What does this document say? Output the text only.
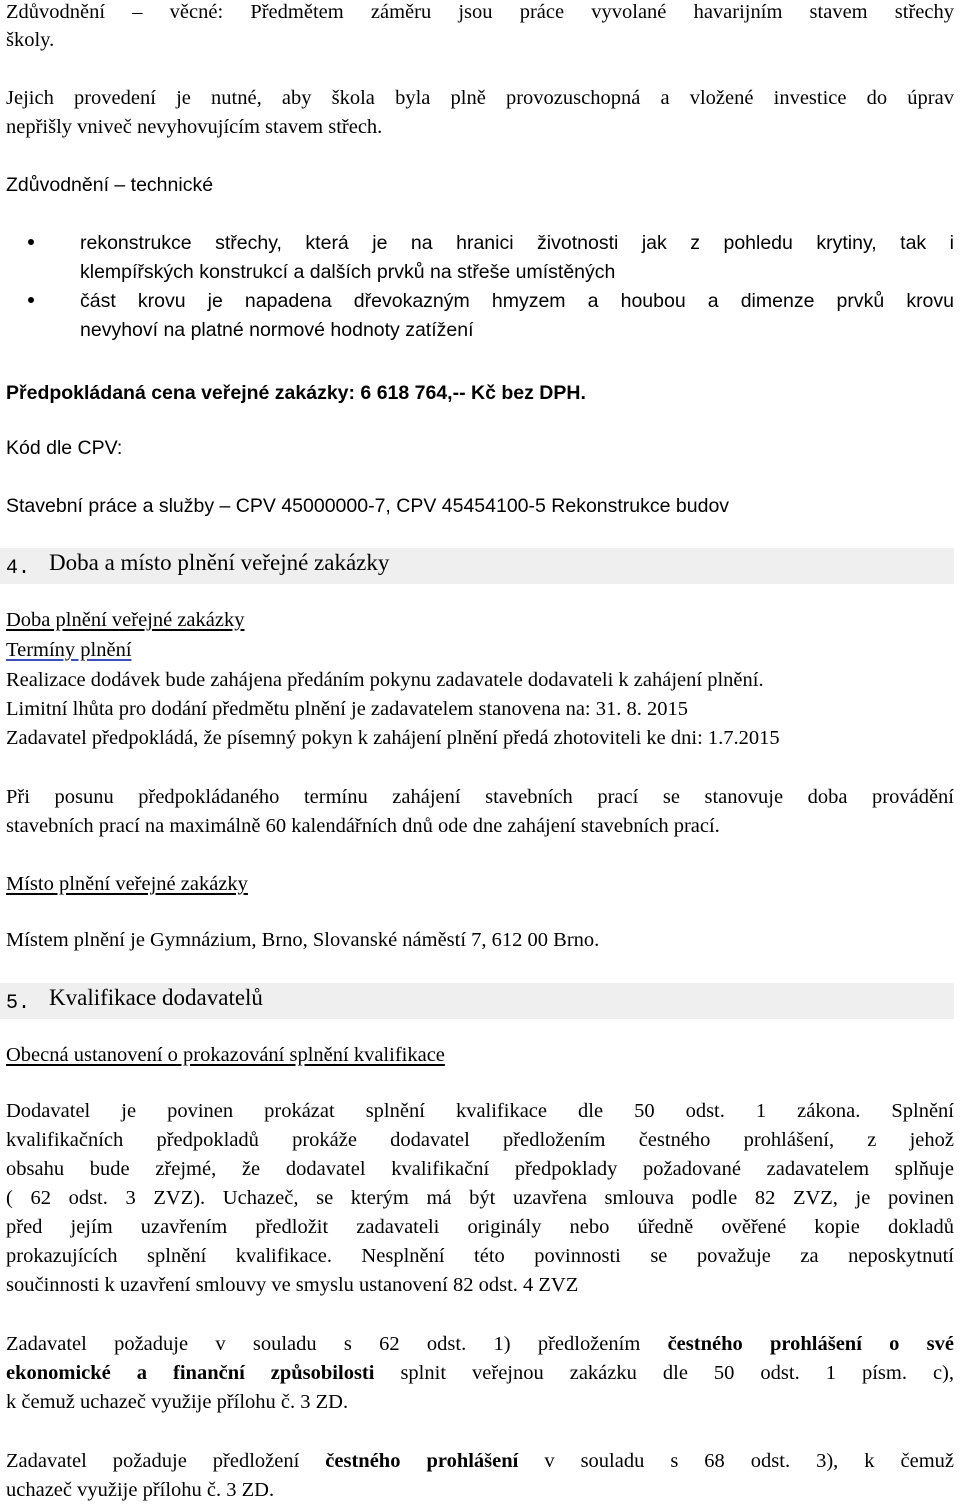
Zdůvodnění – věcné: Předmětem záměru jsou práce vyvolané havarijním stavem střechy
školy.
Jejich provedení je nutné, aby škola byla plně provozuschopná a vložené investice do úprav
nepřišly vniveč nevyhovujícím stavem střech.
Zdůvodnění – technické
rekonstrukce střechy, která je na hranici životnosti jak z pohledu krytiny, tak i
klempířských konstrukcí a dalších prvků na střeše umístěných
část krovu je napadena dřevokazným hmyzem a houbou a dimenze prvků krovu
nevyhoví na platné normové hodnoty zatížení
Předpokládaná cena veřejné zakázky: 6 618 764,-- Kč bez DPH.
Kód dle CPV:
Stavební práce a služby – CPV 45000000-7, CPV 45454100-5 Rekonstrukce budov
4. Doba a místo plnění veřejné zakázky
Doba plnění veřejné zakázky
Termíny plnění
Realizace dodávek bude zahájena předáním pokynu zadavatele dodavateli k zahájení plnění.
Limitní lhůta pro dodání předmětu plnění je zadavatelem stanovena na: 31. 8. 2015
Zadavatel předpokládá, že písemný pokyn k zahájení plnění předá zhotoviteli ke dni: 1.7.2015
Při posunu předpokládaného termínu zahájení stavebních prací se stanovuje doba provádění
stavebních prací na maximálně 60 kalendářních dnů ode dne zahájení stavebních prací.
Místo plnění veřejné zakázky
Místem plnění je Gymnázium, Brno, Slovanské náměstí 7, 612 00 Brno.
5. Kvalifikace dodavatelů
Obecná ustanovení o prokazování splnění kvalifikace
Dodavatel je povinen prokázat splnění kvalifikace dle 50 odst. 1 zákona. Splnění
kvalifikačních předpokladů prokáže dodavatel předložením čestného prohlášení, z jehož
obsahu bude zřejmé, že dodavatel kvalifikační předpoklady požadované zadavatelem splňuje
( 62 odst. 3 ZVZ). Uchazeč, se kterým má být uzavřena smlouva podle 82 ZVZ, je povinen
před jejím uzavřením předložit zadavateli originály nebo úředně ověřené kopie dokladů
prokazujících splnění kvalifikace. Nesplnění této povinnosti se považuje za neposkytnutí
součinnosti k uzavření smlouvy ve smyslu ustanovení 82 odst. 4 ZVZ
Zadavatel požaduje v souladu s 62 odst. 1) předložením čestného prohlášení o své
ekonomické a finanční způsobilosti splnit veřejnou zakázku dle 50 odst. 1 písm. c),
k čemuž uchazeč využije přílohu č. 3 ZD.
Zadavatel požaduje předložení čestného prohlášení v souladu s 68 odst. 3), k čemuž
uchazeč využije přílohu č. 3 ZD.
